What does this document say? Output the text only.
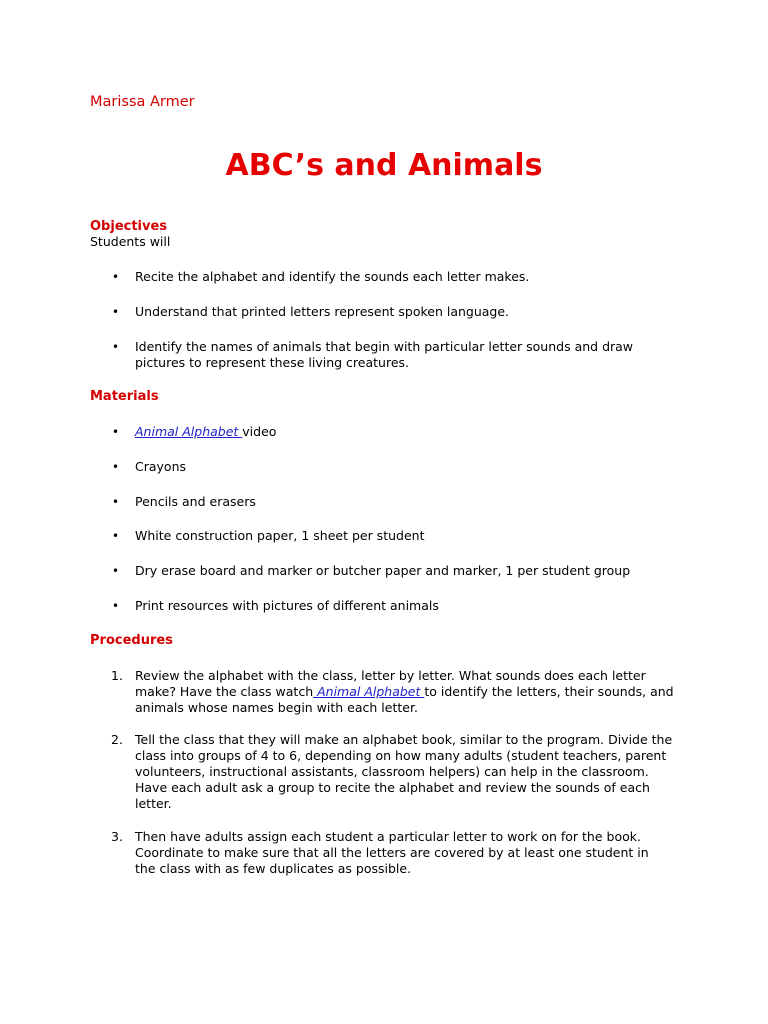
Marissa Armer
ABC’s and Animals
Objectives
Students will
• Recite the alphabet and identify the sounds each letter makes.
• Understand that printed letters represent spoken language.
• Identify the names of animals that begin with particular letter sounds and draw pictures to represent these living creatures.
Materials
• Animal Alphabet video
• Crayons
• Pencils and erasers
• White construction paper, 1 sheet per student
• Dry erase board and marker or butcher paper and marker, 1 per student group
• Print resources with pictures of different animals
Procedures
1. Review the alphabet with the class, letter by letter. What sounds does each letter make? Have the class watch Animal Alphabet to identify the letters, their sounds, and animals whose names begin with each letter.
2. Tell the class that they will make an alphabet book, similar to the program. Divide the class into groups of 4 to 6, depending on how many adults (student teachers, parent volunteers, instructional assistants, classroom helpers) can help in the classroom. Have each adult ask a group to recite the alphabet and review the sounds of each letter.
3. Then have adults assign each student a particular letter to work on for the book. Coordinate to make sure that all the letters are covered by at least one student in the class with as few duplicates as possible.
